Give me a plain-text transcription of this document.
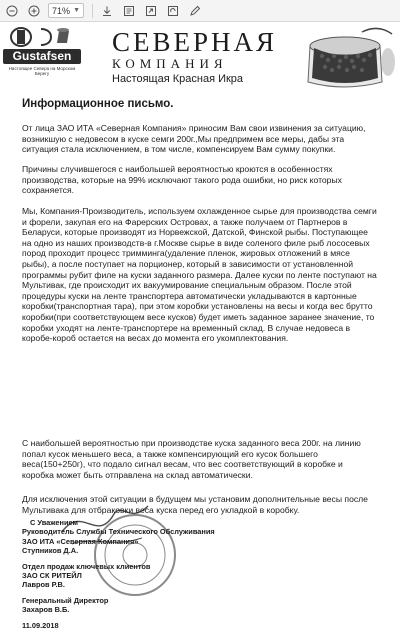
71% ▼
Gustafsen
Настоящее Севера на Морском Берегу
СЕВЕРНАЯ
КОМПАНИЯ
Настоящая Красная Икра
Информационное письмо.
От лица ЗАО ИТА «Северная Компания» приносим Вам свои извинения за ситуацию, возникшую с недовесом в куске семги 200г.,Мы предпримем все меры, дабы эта ситуация стала исключением, в том числе, компенсируем Вам сумму покупки.
Причины случившегося с наибольшей вероятностью кроются в особенностях производства, которые на 99% исключают такого рода ошибки, но риск которых сохраняется.
Мы, Компания-Производитель, используем охлажденное сырье для производства семги и форели, закупая его на Фарерских Островах, а также получаем от Партнеров в Беларуси, которые производят из Норвежской, Датской, Финской рыбы. Поступающее на одно из наших производств-в г.Москве сырье в виде соленого филе рыб лососевых пород проходит процесс тримминга(удаление пленок, жировых отложений в мясе рыбы), а после поступает на порционер, который в зависимости от установленной программы рубит филе на куски заданного размера. Далее куски по ленте поступают на Мультивак, где происходит их вакуумирование специальным образом. После этой процедуры куски на ленте транспортера автоматически укладываются в картонные коробки(транспортная тара), при этом коробки установлены на весы и когда вес брутто коробки(при соответствующем весе кусков) будет иметь заданное заранее значение, то коробки уходят на ленте-транспортере на временный склад. В случае недовеса в коробе-короб остается на весах до момента его укомплектования.
С наибольшей вероятностью при производстве куска заданного веса 200г. на линию попал кусок меньшего веса, а также компенсирующий его кусок большего веса(150+250г), что подало сигнал весам, что вес соответствующий в коробке и коробка может быть отправлена на склад автоматически.
Для исключения этой ситуации в будущем мы установим дополнительные весы после Мультивака для отбраковки веса куска перед его укладкой в коробку.
С Уважением
Руководитель Службы Технического Обслуживания
ЗАО ИТА «Северная Компания»
Ступников Д.А.
Отдел продаж ключевых клиентов
ЗАО СК РИТЕЙЛ
Лавров Р.В.
Генеральный Директор
Захаров В.Б.
11.09.2018
